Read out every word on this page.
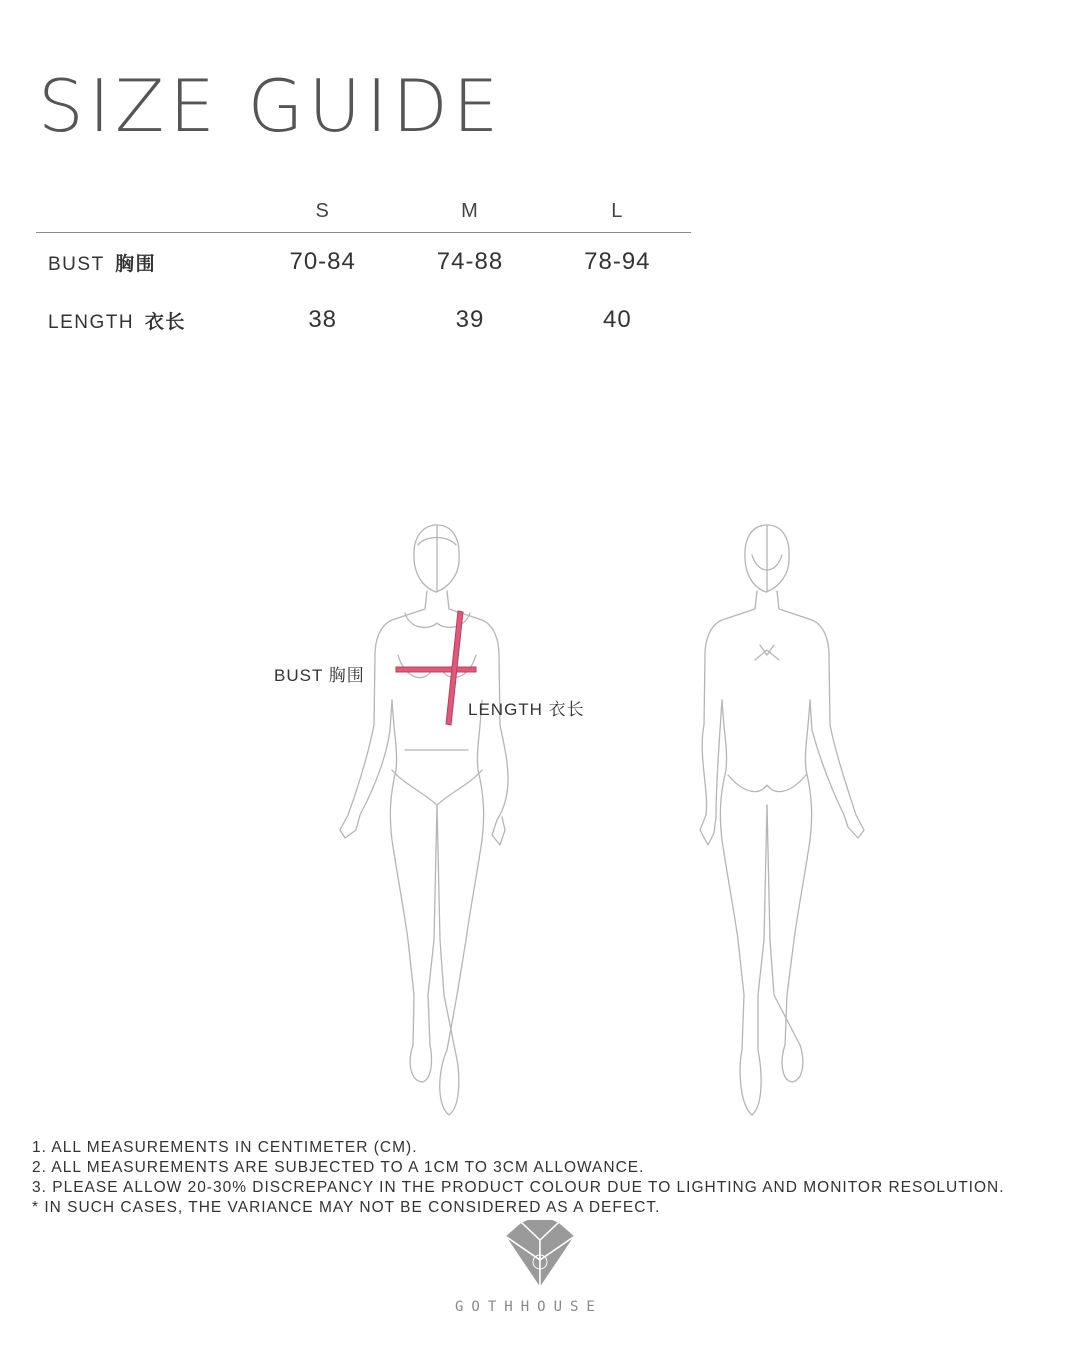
SIZE GUIDE
	S	M	L
BUST 胸围	70-84	74-88	78-94
LENGTH 衣长	38	39	40
BUST 胸围
LENGTH 衣长
1. ALL MEASUREMENTS IN CENTIMETER (CM).
2. ALL MEASUREMENTS ARE SUBJECTED TO A 1CM TO 3CM ALLOWANCE.
3. PLEASE ALLOW 20-30% DISCREPANCY IN THE PRODUCT COLOUR DUE TO LIGHTING AND MONITOR RESOLUTION.
* IN SUCH CASES, THE VARIANCE MAY NOT BE CONSIDERED AS A DEFECT.
GOTHHOUSE
